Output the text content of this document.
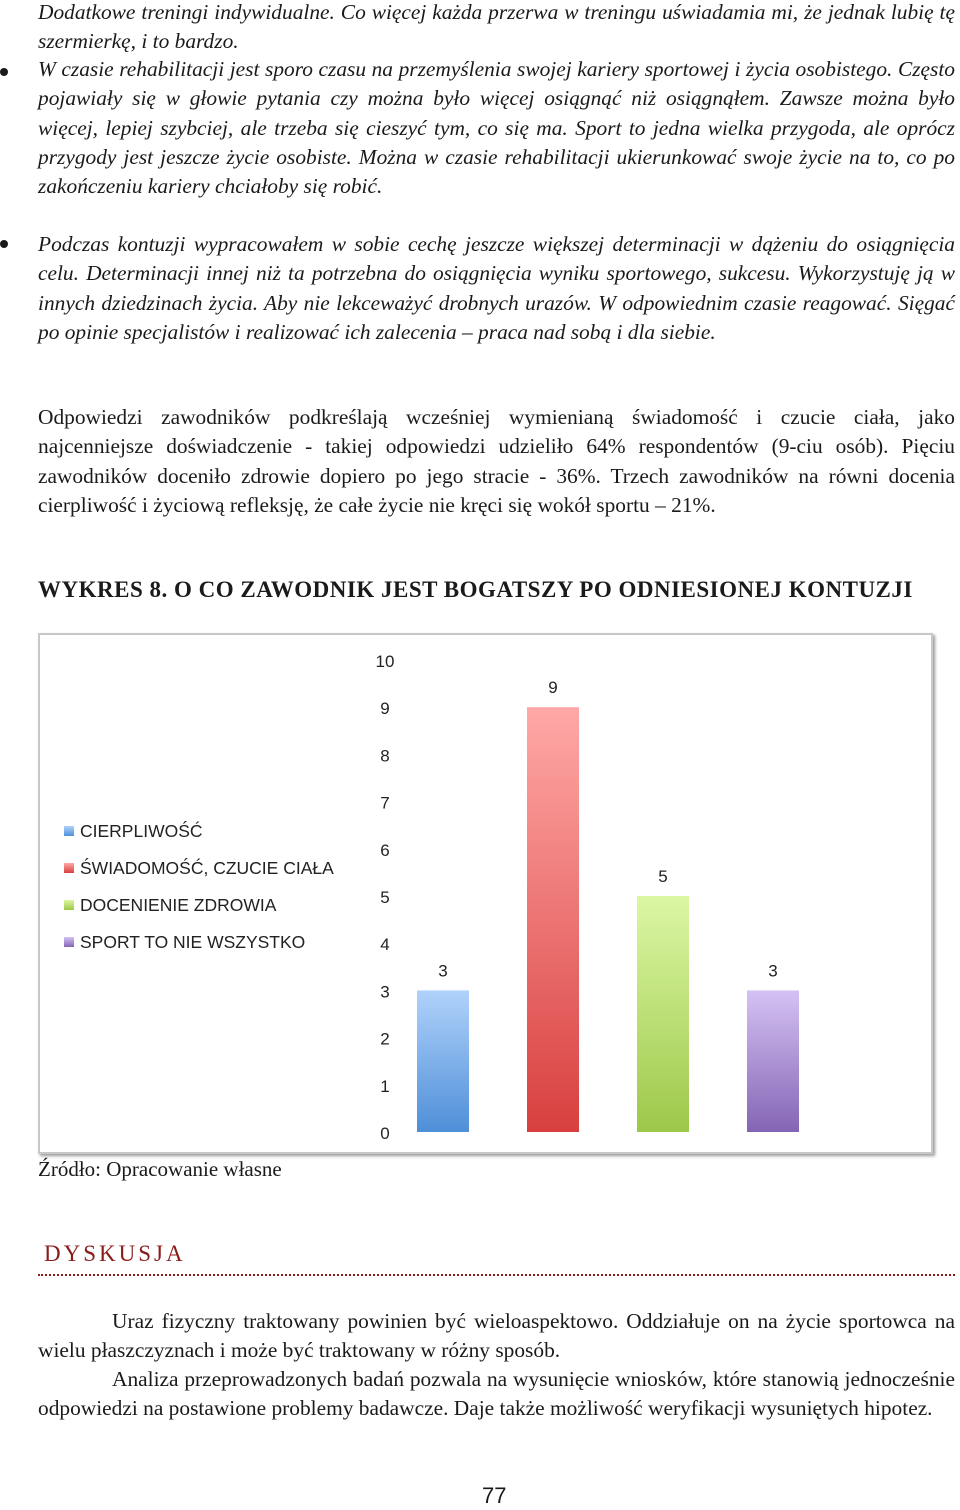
Dodatkowe treningi indywidualne. Co więcej każda przerwa w treningu uświadamia mi, że jednak lubię tę szermierkę, i to bardzo.

W czasie rehabilitacji jest sporo czasu na przemyślenia swojej kariery sportowej i życia osobistego. Często pojawiały się w głowie pytania czy można było więcej osiągnąć niż osiągnąłem. Zawsze można było więcej, lepiej szybciej, ale trzeba się cieszyć tym, co się ma. Sport to jedna wielka przygoda, ale oprócz przygody jest jeszcze życie osobiste. Można w czasie rehabilitacji ukierunkować swoje życie na to, co po zakończeniu kariery chciałoby się robić.

Podczas kontuzji wypracowałem w sobie cechę jeszcze większej determinacji w dążeniu do osiągnięcia celu. Determinacji innej niż ta potrzebna do osiągnięcia wyniku sportowego, sukcesu. Wykorzystuję ją w innych dziedzinach życia. Aby nie lekceważyć drobnych urazów. W odpowiednim czasie reagować. Sięgać po opinie specjalistów i realizować ich zalecenia – praca nad sobą i dla siebie.

Odpowiedzi zawodników podkreślają wcześniej wymienianą świadomość i czucie ciała, jako najcenniejsze doświadczenie - takiej odpowiedzi udzieliło 64% respondentów (9-ciu osób). Pięciu zawodników doceniło zdrowie dopiero po jego stracie - 36%. Trzech zawodników na równi docenia cierpliwość i życiową refleksję, że całe życie nie kręci się wokół sportu – 21%.

WYKRES 8. O CO ZAWODNIK JEST BOGATSZY PO ODNIESIONEJ KONTUZJI
CIERPLIWOŚĆ
ŚWIADOMOŚĆ, CZUCIE CIAŁA
DOCENIENIE ZDROWIA
SPORT TO NIE WSZYSTKO
0
1
2
3
4
5
6
7
8
9
10
3
9
5
3
Źródło: Opracowanie własne
DYSKUSJA

Uraz fizyczny traktowany powinien być wieloaspektowo. Oddziałuje on na życie sportowca na wielu płaszczyznach i może być traktowany w różny sposób.

Analiza przeprowadzonych badań pozwala na wysunięcie wniosków, które stanowią jednocześnie odpowiedzi na postawione problemy badawcze. Daje także możliwość weryfikacji wysuniętych hipotez.

77
